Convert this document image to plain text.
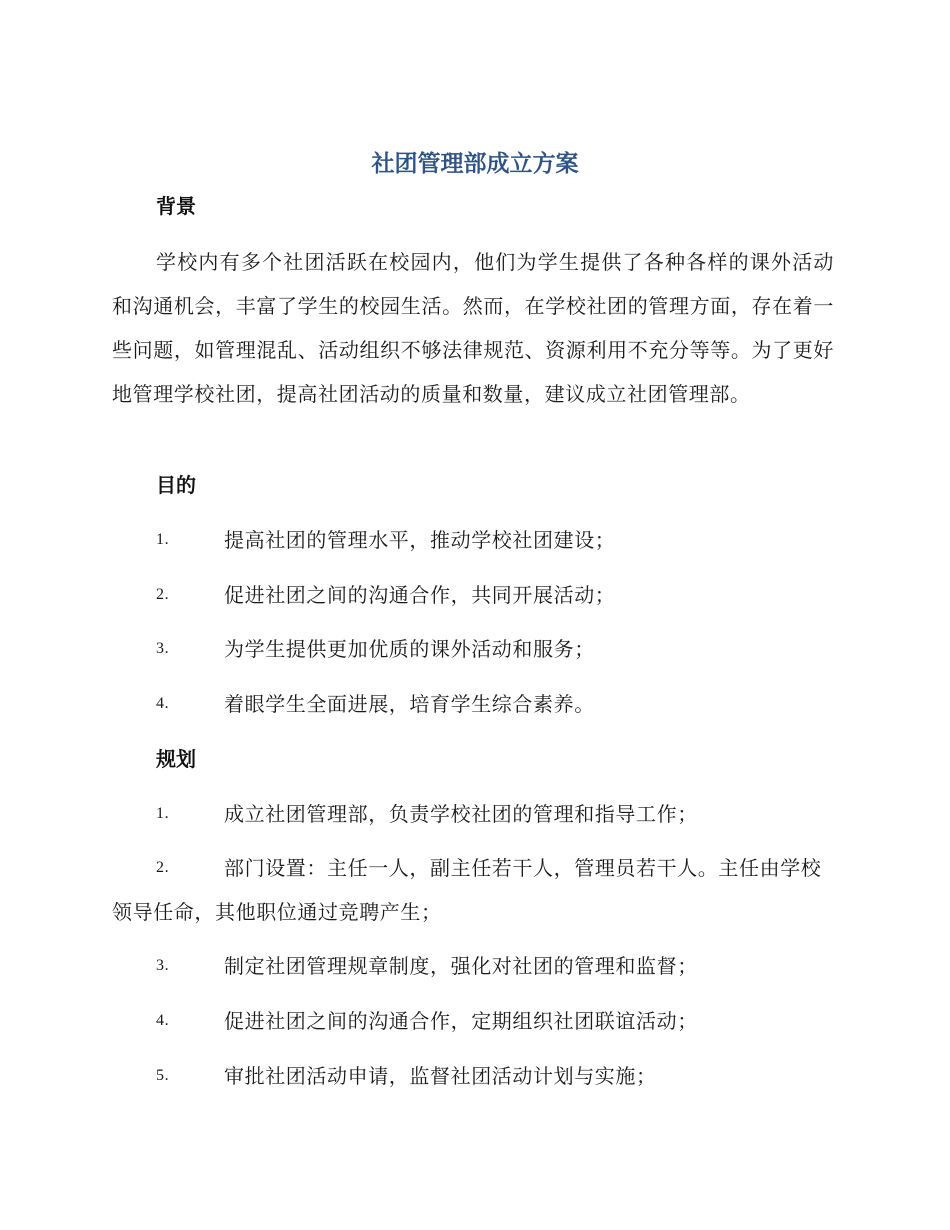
社团管理部成立方案
背景

学校内有多个社团活跃在校园内，他们为学生提供了各种各样的课外活动和沟通机会，丰富了学生的校园生活。然而，在学校社团的管理方面，存在着一些问题，如管理混乱、活动组织不够法律规范、资源利用不充分等等。为了更好地管理学校社团，提高社团活动的质量和数量，建议成立社团管理部。

目的
1.	提高社团的管理水平，推动学校社团建设；
2.	促进社团之间的沟通合作，共同开展活动；
3.	为学生提供更加优质的课外活动和服务；
4.	着眼学生全面进展，培育学生综合素养。
规划
1.	成立社团管理部，负责学校社团的管理和指导工作；
2.	部门设置：主任一人，副主任若干人，管理员若干人。主任由学校领导任命，其他职位通过竞聘产生；
3.	制定社团管理规章制度，强化对社团的管理和监督；
4.	促进社团之间的沟通合作，定期组织社团联谊活动；
5.	审批社团活动申请，监督社团活动计划与实施；
